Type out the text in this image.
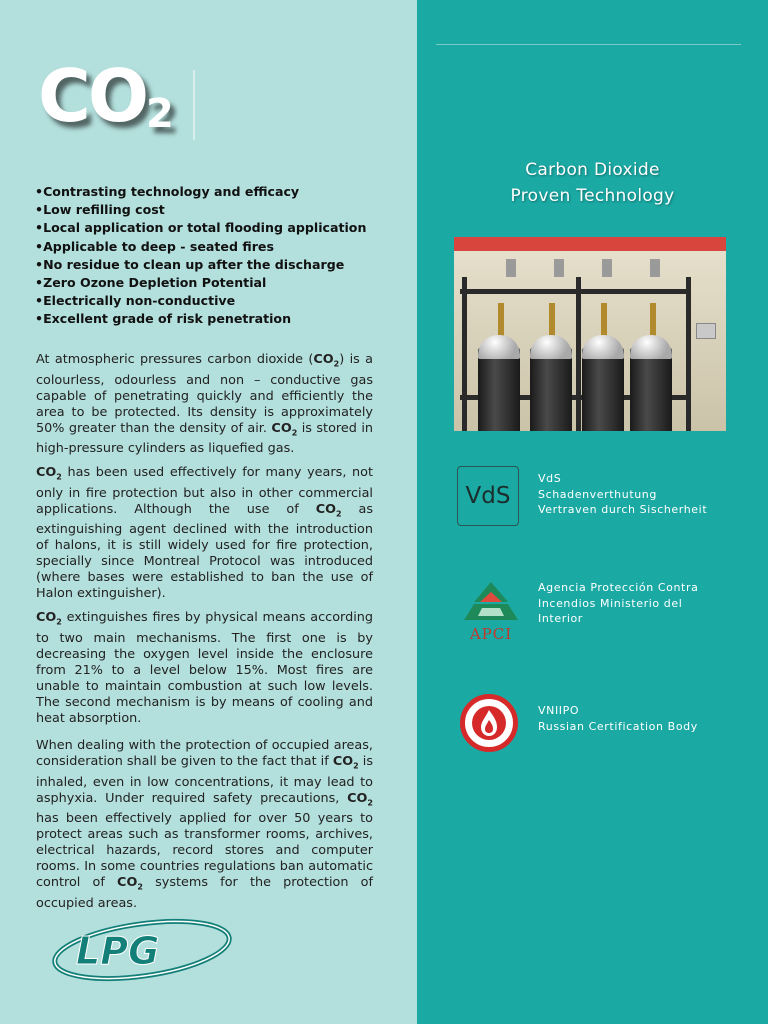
$CO_2$
• Contrasting technology and efficacy
• Low refilling cost
• Local application or total flooding application
• Applicable to deep - seated fires
• No residue to clean up after the discharge
• Zero Ozone Depletion Potential
• Electrically non-conductive
• Excellent grade of risk penetration

At atmospheric pressures carbon dioxide $(CO_2)$ is a colourless, odourless and non – conductive gas capable of penetrating quickly and efficiently the area to be protected. Its density is approximately 50% greater than the density of air. $CO_2$ is stored in high-pressure cylinders as liquefied gas.

$CO_2$ has been used effectively for many years, not only in fire protection but also in other commercial applications. Although the use of $CO_2$ as extinguishing agent declined with the introduction of halons, it is still widely used for fire protection, specially since Montreal Protocol was introduced (where bases were established to ban the use of Halon extinguisher).

$CO_2$ extinguishes fires by physical means according to two main mechanisms. The first one is by decreasing the oxygen level inside the enclosure from 21% to a level below 15%. Most fires are unable to maintain combustion at such low levels. The second mechanism is by means of cooling and heat absorption.

When dealing with the protection of occupied areas, consideration shall be given to the fact that if $CO_2$ is inhaled, even in low concentrations, it may lead to asphyxia. Under required safety precautions, $CO_2$ has been effectively applied for over 50 years to protect areas such as transformer rooms, archives, electrical hazards, record stores and computer rooms. In some countries regulations ban automatic control of $CO_2$ systems for the protection of occupied areas.

Carbon Dioxide
Proven Technology
VdS
VdS
Schadenverthutung
Vertraven durch Sischerheit
APCI
Agencia Protección Contra
Incendios Ministerio del
Interior
VNIIPO
Russian Certification Body
LPG
